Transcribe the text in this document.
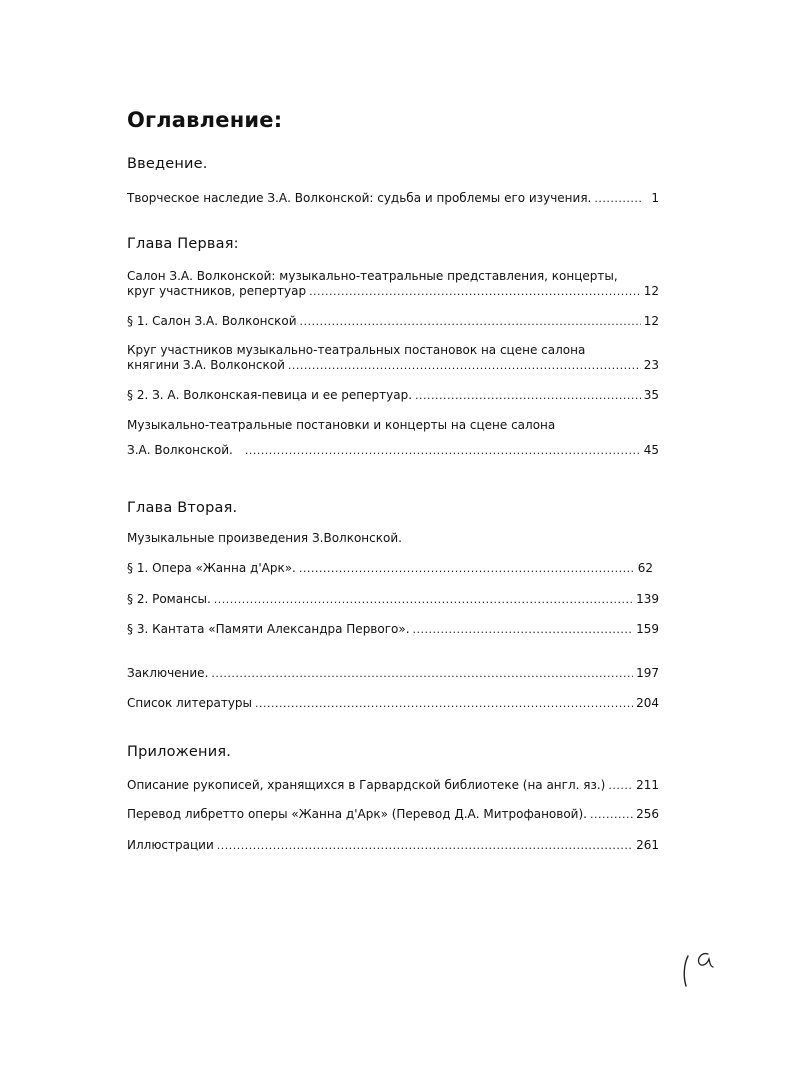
Оглавление:
Введение.
Творческое наследие З.А. Волконской: судьба и проблемы его изучения. .....	1
Глава Первая:
Салон З.А. Волконской: музыкально-театральные представления, концерты,
круг участников, репертуар .....	12
§ 1. Салон З.А. Волконской .....	12
Круг участников музыкально-театральных постановок на сцене салона
княгини З.А. Волконской .....	23
§ 2. З. А. Волконская-певица и ее репертуар. .....	35
Музыкально-театральные постановки и концерты на сцене салона
З.А. Волконской. .....	45
Глава Вторая.
Музыкальные произведения З.Волконской.
§ 1. Опера «Жанна д'Арк». .....	62
§ 2. Романсы. .....	139
§ 3. Кантата «Памяти Александра Первого». .....	159
Заключение. .....	197
Список литературы .....	204
Приложения.
Описание рукописей, хранящихся в Гарвардской библиотеке (на англ. яз.) .....	211
Перевод либретто оперы «Жанна д'Арк» (Перевод Д.А. Митрофановой). .....	256
Иллюстрации .....	261
